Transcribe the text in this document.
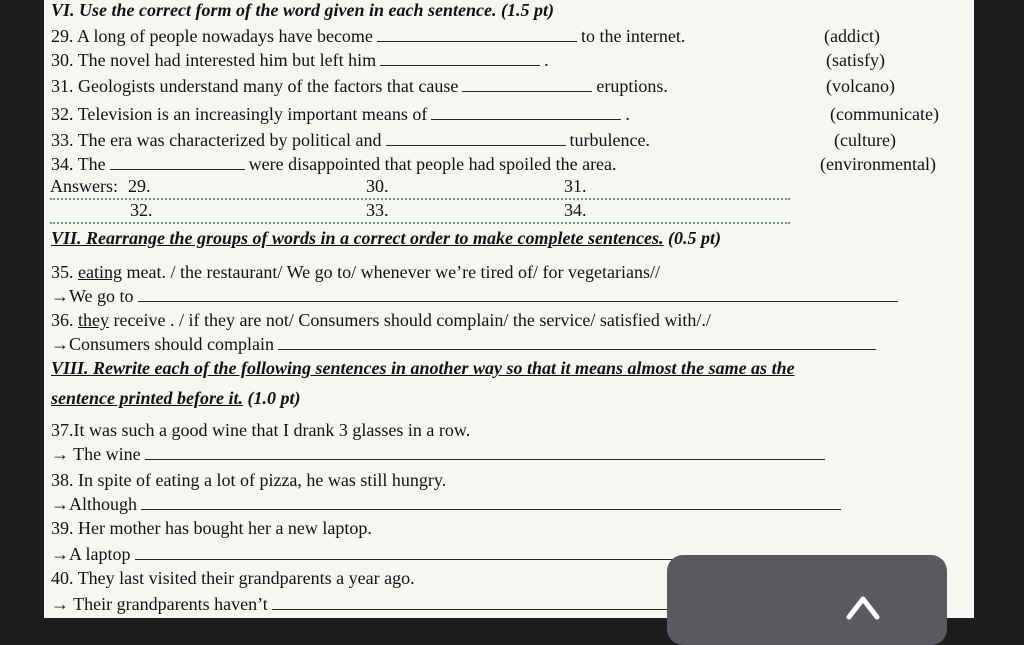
VI. Use the correct form of the word given in each sentence. (1.5 pt)
29. A long of people nowadays have become	to the internet.	(addict)
30. The novel had interested him but left him	.	(satisfy)
31. Geologists understand many of the factors that cause	eruptions.	(volcano)
32. Television is an increasingly important means of	.	(communicate)
33. The era was characterized by political and	turbulence.	(culture)
34. The	were disappointed that people had spoiled the area.	(environmental)
Answers: 29.	30.	31.
32.	33.	34.
VII. Rearrange the groups of words in a correct order to make complete sentences. (0.5 pt)
35. eating meat. / the restaurant/ We go to/ whenever we’re tired of/ for vegetarians//
→We go to
36. they receive . / if they are not/ Consumers should complain/ the service/ satisfied with/./
→Consumers should complain
VIII. Rewrite each of the following sentences in another way so that it means almost the same as the
sentence printed before it. (1.0 pt)
37.It was such a good wine that I drank 3 glasses in a row.
→ The wine
38. In spite of eating a lot of pizza, he was still hungry.
→Although
39. Her mother has bought her a new laptop.
→A laptop
40. They last visited their grandparents a year ago.
→ Their grandparents haven’t
